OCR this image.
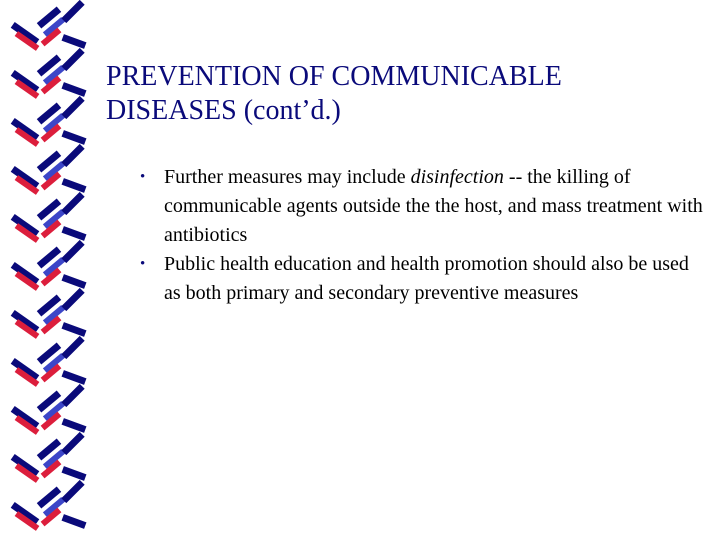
PREVENTION OF COMMUNICABLE
DISEASES (cont’d.)
• Further measures may include disinfection -- the killing of communicable agents outside the the host, and mass treatment with antibiotics
• Public health education and health promotion should also be used as both primary and secondary preventive measures
